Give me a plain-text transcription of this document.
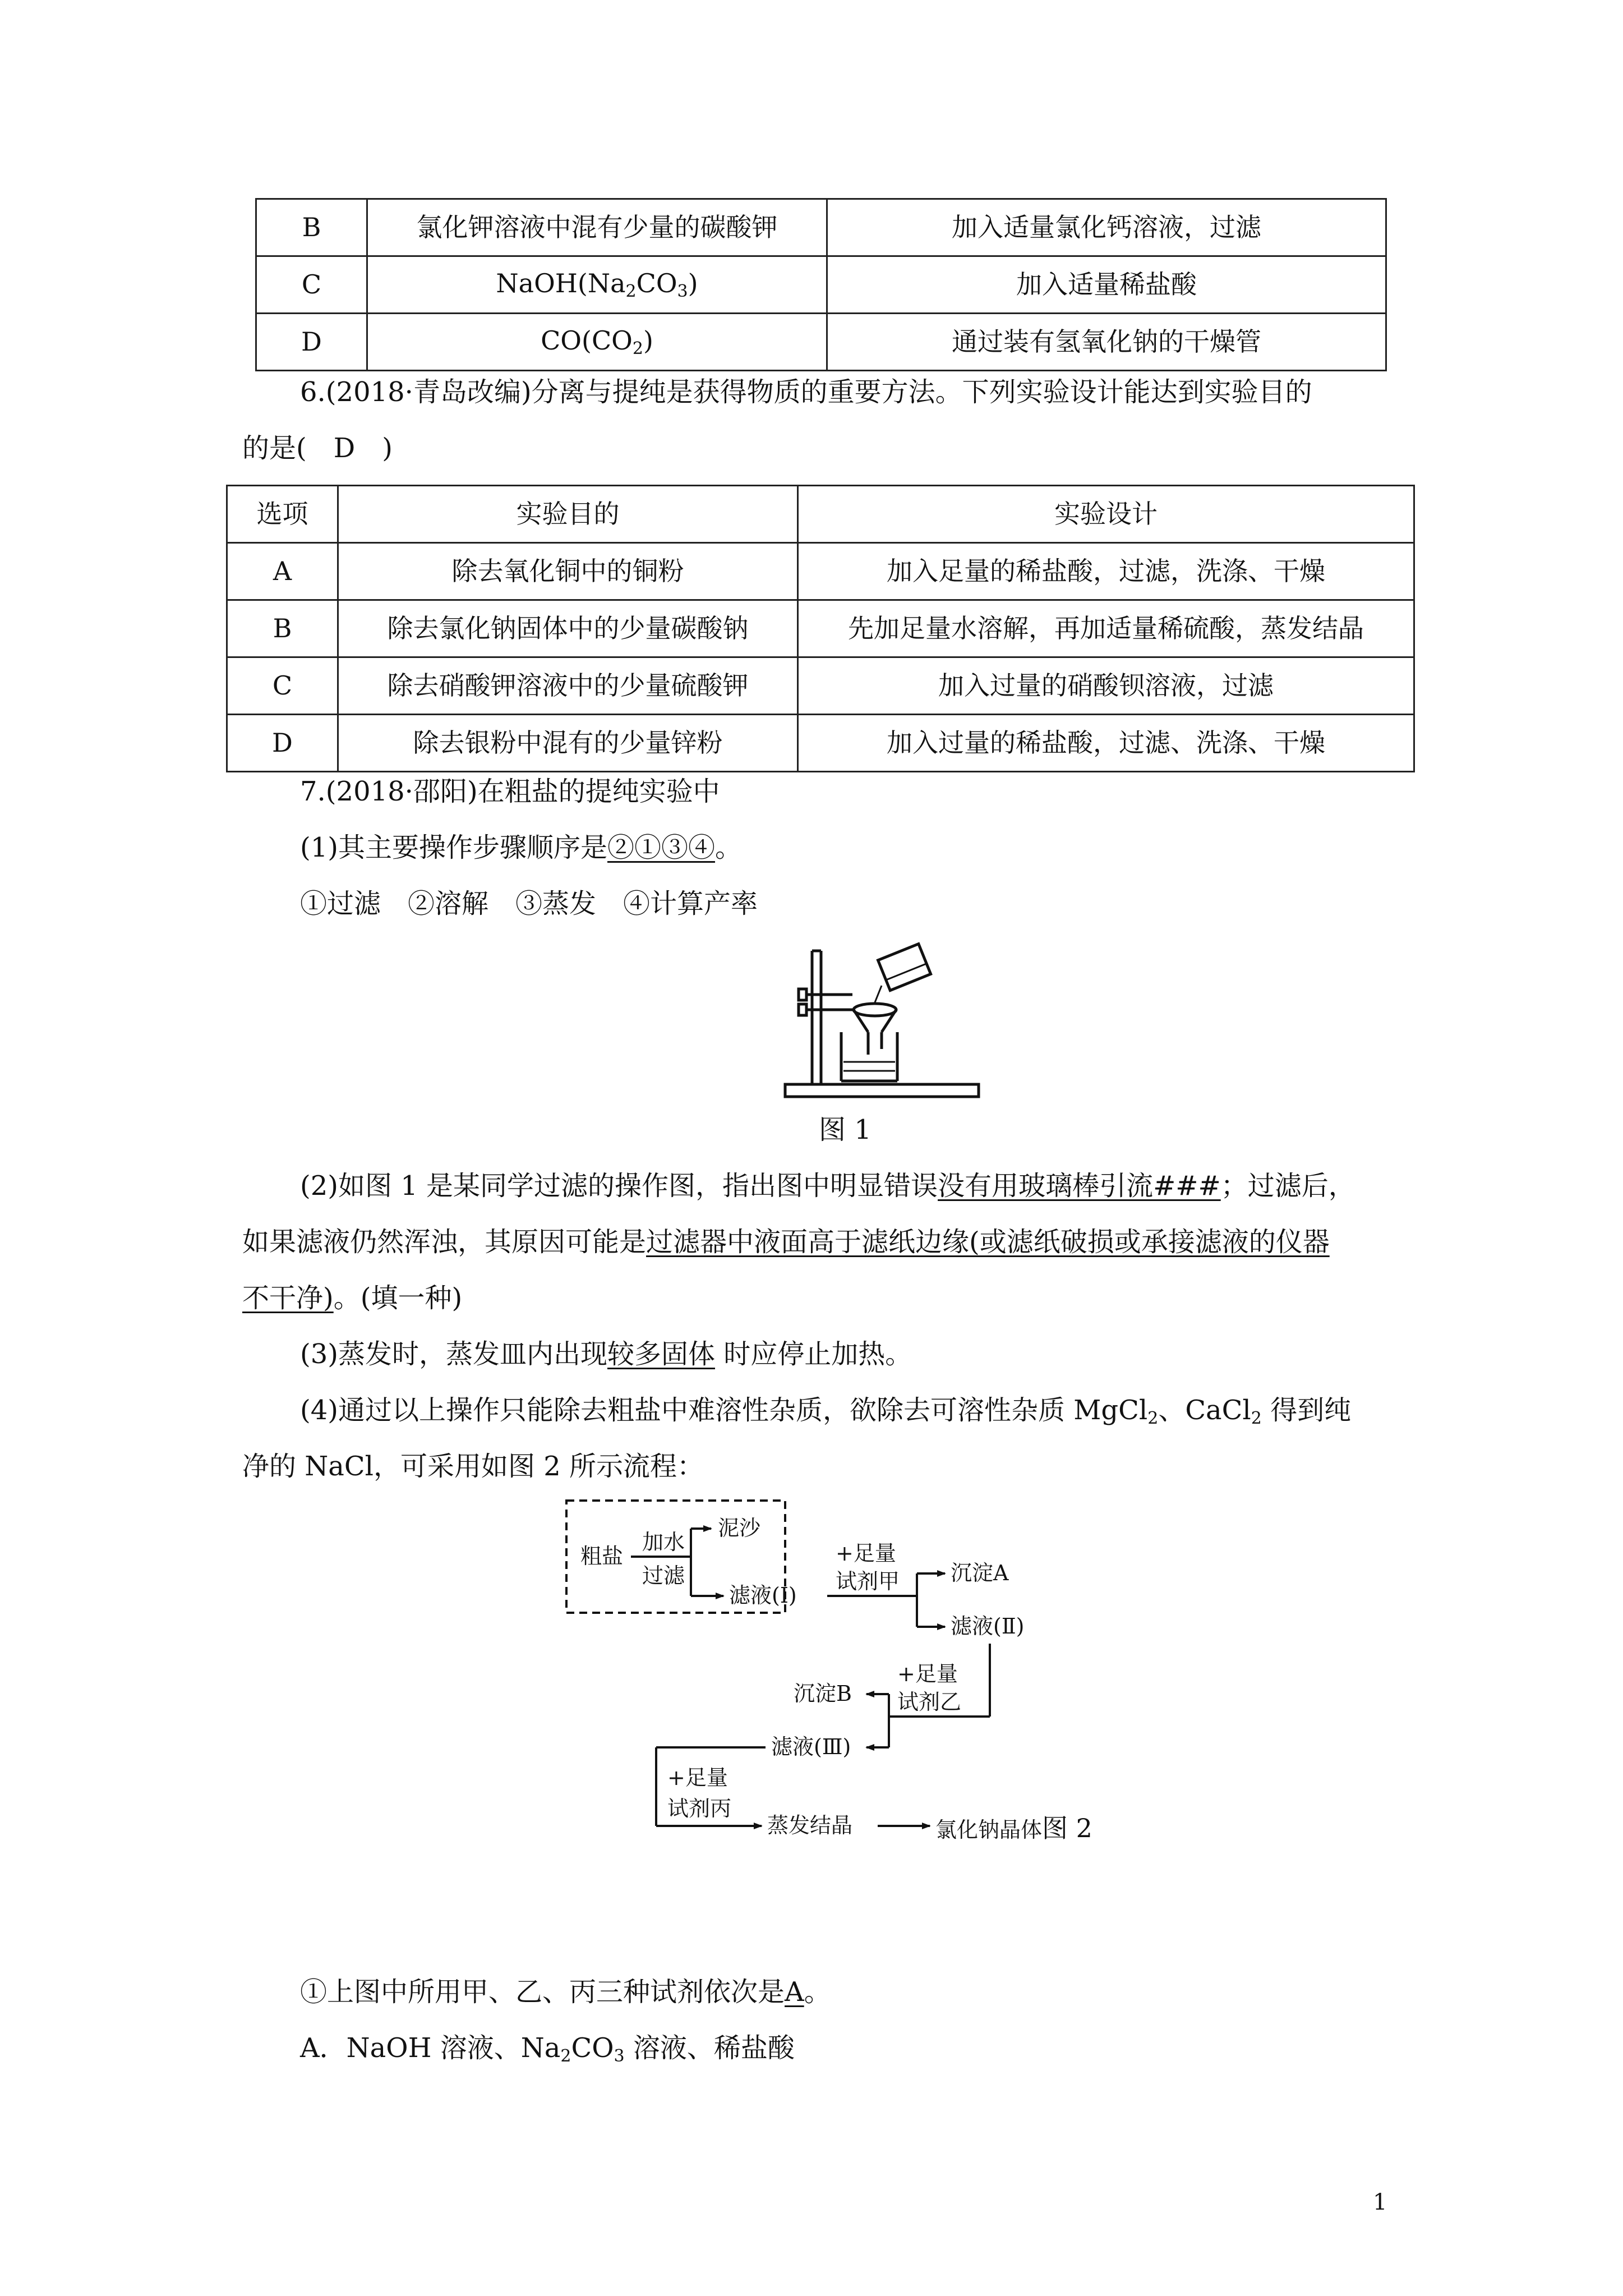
B	氯化钾溶液中混有少量的碳酸钾	加入适量氯化钙溶液，过滤
C	$NaOH(Na_2CO_3)$	加入适量稀盐酸
D	$CO(CO_2)$	通过装有氢氧化钠的干燥管
6.(2018·青岛改编)分离与提纯是获得物质的重要方法。下列实验设计能达到实验目的
的是(　D　)
选项	实验目的	实验设计
A	除去氧化铜中的铜粉	加入足量的稀盐酸，过滤，洗涤、干燥
B	除去氯化钠固体中的少量碳酸钠	先加足量水溶解，再加适量稀硫酸，蒸发结晶
C	除去硝酸钾溶液中的少量硫酸钾	加入过量的硝酸钡溶液，过滤
D	除去银粉中混有的少量锌粉	加入过量的稀盐酸，过滤、洗涤、干燥
7.(2018·邵阳)在粗盐的提纯实验中
(1)其主要操作步骤顺序是②①③④。
①过滤　②溶解　③蒸发　④计算产率
图 1
(2)如图 1 是某同学过滤的操作图，指出图中明显错误没有用玻璃棒引流###；过滤后，
如果滤液仍然浑浊，其原因可能是过滤器中液面高于滤纸边缘(或滤纸破损或承接滤液的仪器
不干净)。(填一种)
(3)蒸发时，蒸发皿内出现较多固体 时应停止加热。
(4)通过以上操作只能除去粗盐中难溶性杂质，欲除去可溶性杂质 MgCl$_2$、CaCl$_2$ 得到纯
净的 NaCl，可采用如图 2 所示流程：
粗盐
加水
过滤
泥沙
滤液(Ⅰ)
+足量
试剂甲 沉淀A
滤液(Ⅱ)
+足量
试剂乙
沉淀B
滤液(Ⅲ)
+足量
试剂丙
蒸发结晶	氯化钠晶体图 2
①上图中所用甲、乙、丙三种试剂依次是A。
A．NaOH 溶液、$Na_2CO_3$ 溶液、稀盐酸
1
